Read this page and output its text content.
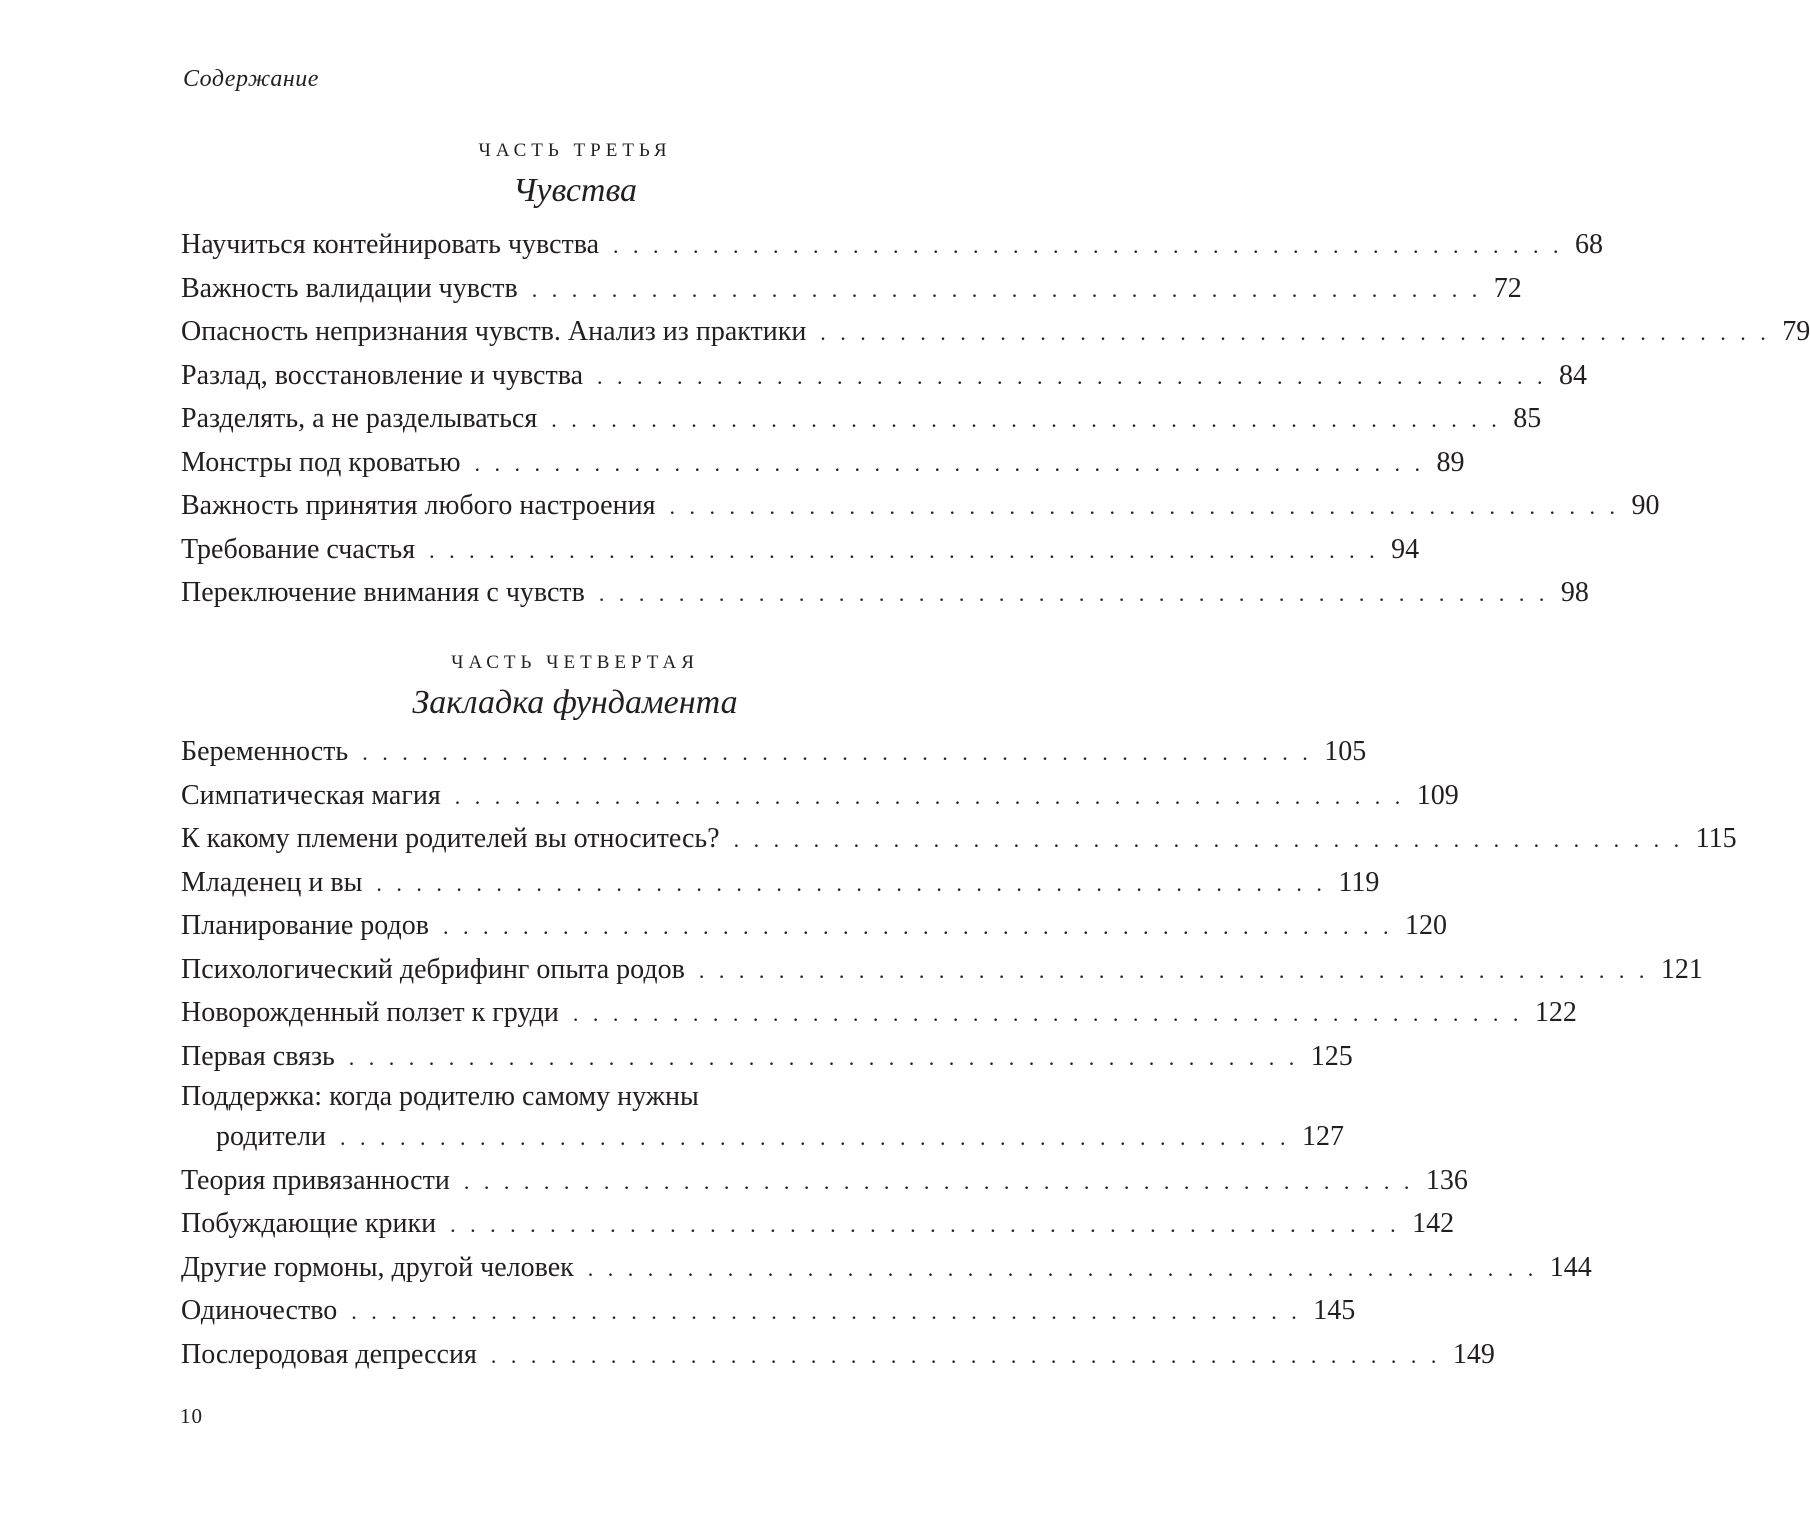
Содержание
ЧАСТЬ ТРЕТЬЯ
Чувства
Научиться контейнировать чувства . . . . . . . . . . . . . . . . . . . . . . . . . . . . . . . . . . . . . . . . . . . . . . . . 68
Важность валидации чувств . . . . . . . . . . . . . . . . . . . . . . . . . . . . . . . . . . . . . . . . . . . . . . . . 72
Опасность непризнания чувств. Анализ из практики . . . . . . . . . . . . . . . . . . . . . . . . . . . . . . . . . . . . . . . . . . . . . . . . 79
Разлад, восстановление и чувства . . . . . . . . . . . . . . . . . . . . . . . . . . . . . . . . . . . . . . . . . . . . . . . . 84
Разделять, а не разделываться . . . . . . . . . . . . . . . . . . . . . . . . . . . . . . . . . . . . . . . . . . . . . . . . 85
Монстры под кроватью . . . . . . . . . . . . . . . . . . . . . . . . . . . . . . . . . . . . . . . . . . . . . . . . 89
Важность принятия любого настроения . . . . . . . . . . . . . . . . . . . . . . . . . . . . . . . . . . . . . . . . . . . . . . . . 90
Требование счастья . . . . . . . . . . . . . . . . . . . . . . . . . . . . . . . . . . . . . . . . . . . . . . . . 94
Переключение внимания с чувств . . . . . . . . . . . . . . . . . . . . . . . . . . . . . . . . . . . . . . . . . . . . . . . . 98
ЧАСТЬ ЧЕТВЕРТАЯ
Закладка фундамента
Беременность . . . . . . . . . . . . . . . . . . . . . . . . . . . . . . . . . . . . . . . . . . . . . . . . 105
Симпатическая магия . . . . . . . . . . . . . . . . . . . . . . . . . . . . . . . . . . . . . . . . . . . . . . . . 109
К какому племени родителей вы относитесь? . . . . . . . . . . . . . . . . . . . . . . . . . . . . . . . . . . . . . . . . . . . . . . . . 115
Младенец и вы . . . . . . . . . . . . . . . . . . . . . . . . . . . . . . . . . . . . . . . . . . . . . . . . 119
Планирование родов . . . . . . . . . . . . . . . . . . . . . . . . . . . . . . . . . . . . . . . . . . . . . . . . 120
Психологический дебрифинг опыта родов . . . . . . . . . . . . . . . . . . . . . . . . . . . . . . . . . . . . . . . . . . . . . . . . 121
Новорожденный ползет к груди . . . . . . . . . . . . . . . . . . . . . . . . . . . . . . . . . . . . . . . . . . . . . . . . 122
Первая связь . . . . . . . . . . . . . . . . . . . . . . . . . . . . . . . . . . . . . . . . . . . . . . . . 125
Поддержка: когда родителю самому нужны
родители . . . . . . . . . . . . . . . . . . . . . . . . . . . . . . . . . . . . . . . . . . . . . . . . 127
Теория привязанности . . . . . . . . . . . . . . . . . . . . . . . . . . . . . . . . . . . . . . . . . . . . . . . . 136
Побуждающие крики . . . . . . . . . . . . . . . . . . . . . . . . . . . . . . . . . . . . . . . . . . . . . . . . 142
Другие гормоны, другой человек . . . . . . . . . . . . . . . . . . . . . . . . . . . . . . . . . . . . . . . . . . . . . . . . 144
Одиночество . . . . . . . . . . . . . . . . . . . . . . . . . . . . . . . . . . . . . . . . . . . . . . . . 145
Послеродовая депрессия . . . . . . . . . . . . . . . . . . . . . . . . . . . . . . . . . . . . . . . . . . . . . . . . 149
10
